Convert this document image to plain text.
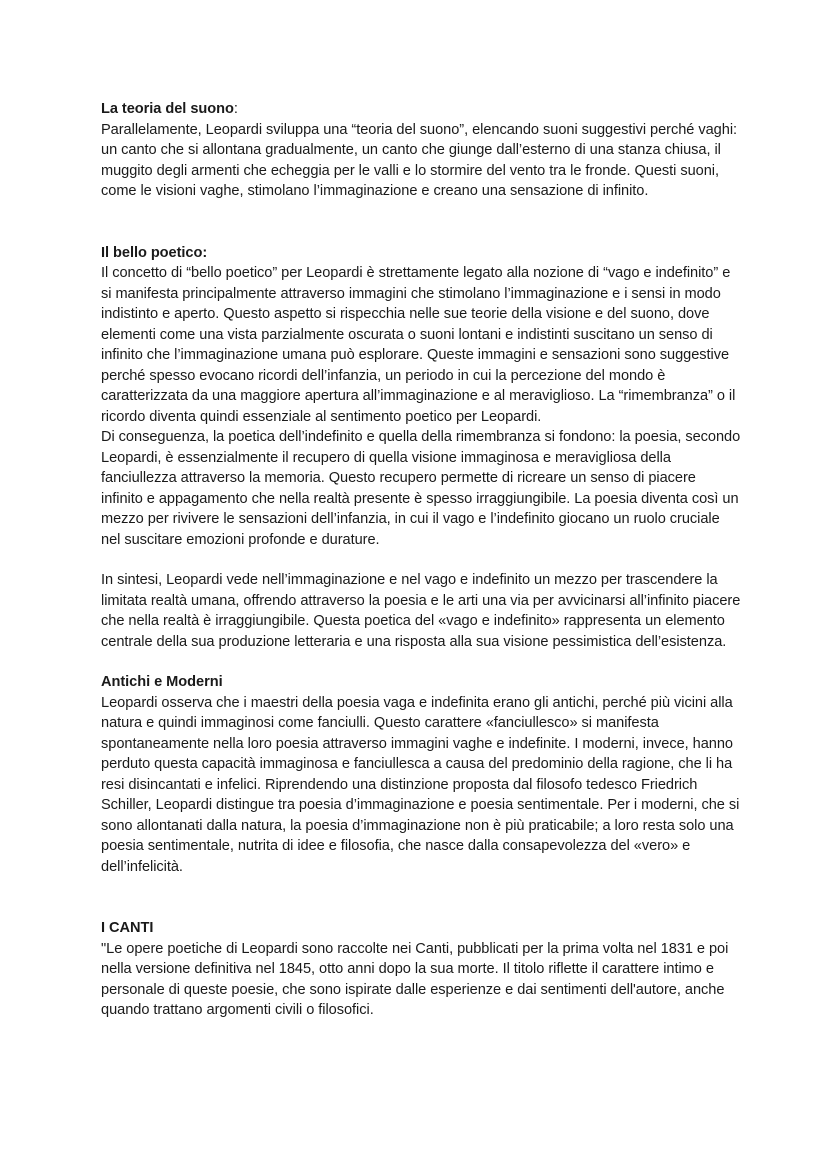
La teoria del suono:

Parallelamente, Leopardi sviluppa una “teoria del suono”, elencando suoni suggestivi perché vaghi: un canto che si allontana gradualmente, un canto che giunge dall’esterno di una stanza chiusa, il muggito degli armenti che echeggia per le valli e lo stormire del vento tra le fronde. Questi suoni, come le visioni vaghe, stimolano l’immaginazione e creano una sensazione di infinito.

Il bello poetico:

Il concetto di “bello poetico” per Leopardi è strettamente legato alla nozione di “vago e indefinito” e si manifesta principalmente attraverso immagini che stimolano l’immaginazione e i sensi in modo indistinto e aperto. Questo aspetto si rispecchia nelle sue teorie della visione e del suono, dove elementi come una vista parzialmente oscurata o suoni lontani e indistinti suscitano un senso di infinito che l’immaginazione umana può esplorare. Queste immagini e sensazioni sono suggestive perché spesso evocano ricordi dell’infanzia, un periodo in cui la percezione del mondo è caratterizzata da una maggiore apertura all’immaginazione e al meraviglioso. La “rimembranza” o il ricordo diventa quindi essenziale al sentimento poetico per Leopardi.

Di conseguenza, la poetica dell’indefinito e quella della rimembranza si fondono: la poesia, secondo Leopardi, è essenzialmente il recupero di quella visione immaginosa e meravigliosa della fanciullezza attraverso la memoria. Questo recupero permette di ricreare un senso di piacere infinito e appagamento che nella realtà presente è spesso irraggiungibile. La poesia diventa così un mezzo per rivivere le sensazioni dell’infanzia, in cui il vago e l’indefinito giocano un ruolo cruciale nel suscitare emozioni profonde e durature.

In sintesi, Leopardi vede nell’immaginazione e nel vago e indefinito un mezzo per trascendere la limitata realtà umana, offrendo attraverso la poesia e le arti una via per avvicinarsi all’infinito piacere che nella realtà è irraggiungibile. Questa poetica del «vago e indefinito» rappresenta un elemento centrale della sua produzione letteraria e una risposta alla sua visione pessimistica dell’esistenza.

Antichi e Moderni

Leopardi osserva che i maestri della poesia vaga e indefinita erano gli antichi, perché più vicini alla natura e quindi immaginosi come fanciulli. Questo carattere «fanciullesco» si manifesta spontaneamente nella loro poesia attraverso immagini vaghe e indefinite. I moderni, invece, hanno perduto questa capacità immaginosa e fanciullesca a causa del predominio della ragione, che li ha resi disincantati e infelici. Riprendendo una distinzione proposta dal filosofo tedesco Friedrich Schiller, Leopardi distingue tra poesia d’immaginazione e poesia sentimentale. Per i moderni, che si sono allontanati dalla natura, la poesia d’immaginazione non è più praticabile; a loro resta solo una poesia sentimentale, nutrita di idee e filosofia, che nasce dalla consapevolezza del «vero» e dell’infelicità.

I CANTI

"Le opere poetiche di Leopardi sono raccolte nei Canti, pubblicati per la prima volta nel 1831 e poi nella versione definitiva nel 1845, otto anni dopo la sua morte. Il titolo riflette il carattere intimo e personale di queste poesie, che sono ispirate dalle esperienze e dai sentimenti dell'autore, anche quando trattano argomenti civili o filosofici.
